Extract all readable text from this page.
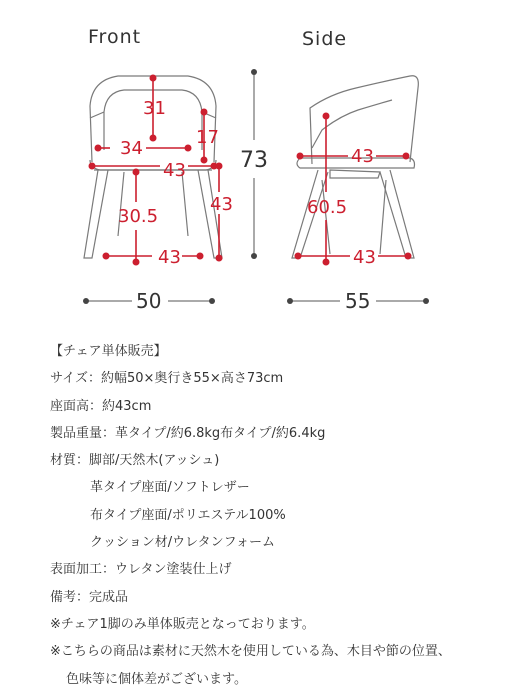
Front	Side
31
17
34
43
30.5
43
43
43
60.5
43
73
50	55
【チェア単体販売】
サイズ：約幅50×奥行き55×高さ73cm
座面高：約43cm
製品重量：革タイプ/約6.8kg布タイプ/約6.4kg
材質：脚部/天然木(アッシュ)
革タイプ座面/ソフトレザー
布タイプ座面/ポリエステル100%
クッション材/ウレタンフォーム
表面加工：ウレタン塗装仕上げ
備考：完成品
※チェア1脚のみ単体販売となっております。
※こちらの商品は素材に天然木を使用している為、木目や節の位置、
色味等に個体差がございます。
